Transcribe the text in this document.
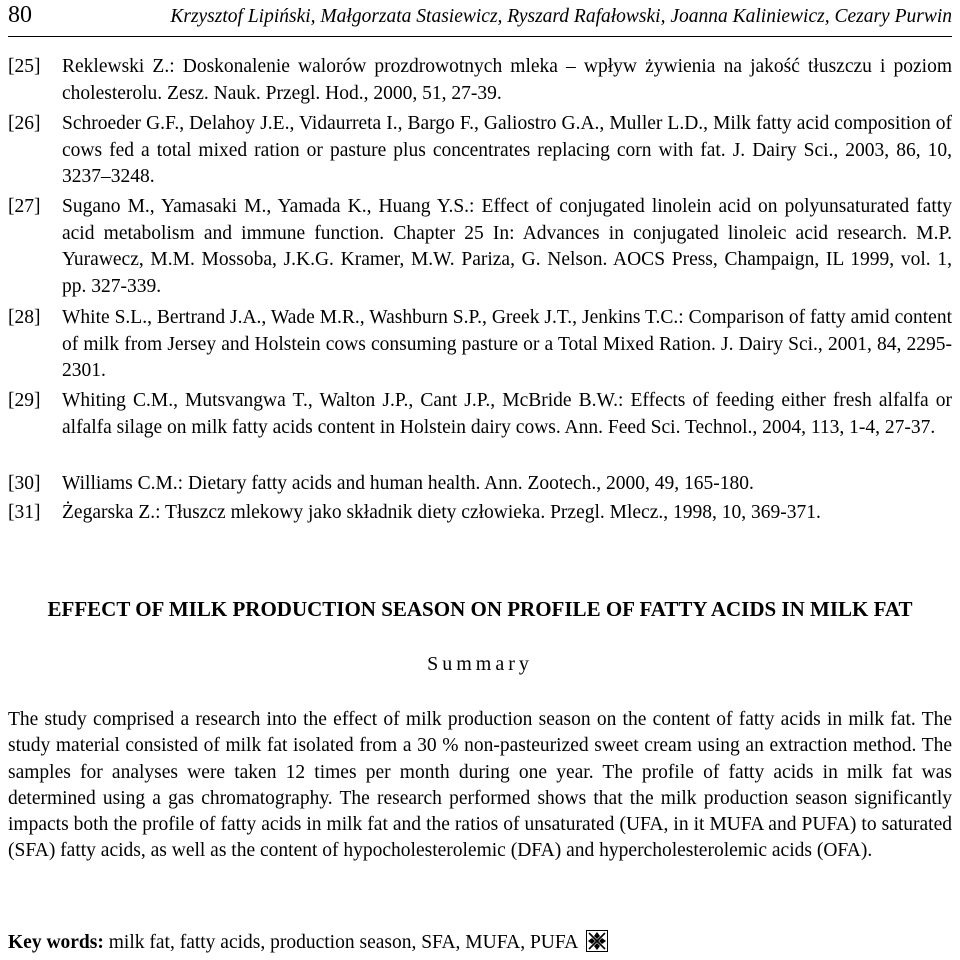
80	Krzysztof Lipiński, Małgorzata Stasiewicz, Ryszard Rafałowski, Joanna Kaliniewicz, Cezary Purwin
[25] Reklewski Z.: Doskonalenie walorów prozdrowotnych mleka – wpływ żywienia na jakość tłuszczu i poziom cholesterolu. Zesz. Nauk. Przegl. Hod., 2000, 51, 27-39.
[26] Schroeder G.F., Delahoy J.E., Vidaurreta I., Bargo F., Galiostro G.A., Muller L.D., Milk fatty acid composition of cows fed a total mixed ration or pasture plus concentrates replacing corn with fat. J. Dairy Sci., 2003, 86, 10, 3237–3248.
[27] Sugano M., Yamasaki M., Yamada K., Huang Y.S.: Effect of conjugated linolein acid on polyunsaturated fatty acid metabolism and immune function. Chapter 25 In: Advances in conjugated linoleic acid research. M.P. Yurawecz, M.M. Mossoba, J.K.G. Kramer, M.W. Pariza, G. Nelson. AOCS Press, Champaign, IL 1999, vol. 1, pp. 327-339.
[28] White S.L., Bertrand J.A., Wade M.R., Washburn S.P., Greek J.T., Jenkins T.C.: Comparison of fatty amid content of milk from Jersey and Holstein cows consuming pasture or a Total Mixed Ration. J. Dairy Sci., 2001, 84, 2295-2301.
[29] Whiting C.M., Mutsvangwa T., Walton J.P., Cant J.P., McBride B.W.: Effects of feeding either fresh alfalfa or alfalfa silage on milk fatty acids content in Holstein dairy cows. Ann. Feed Sci. Technol., 2004, 113, 1-4, 27-37.
[30] Williams C.M.: Dietary fatty acids and human health. Ann. Zootech., 2000, 49, 165-180.
[31] Żegarska Z.: Tłuszcz mlekowy jako składnik diety człowieka. Przegl. Mlecz., 1998, 10, 369-371.
EFFECT OF MILK PRODUCTION SEASON ON PROFILE OF FATTY ACIDS IN MILK FAT
Summary
The study comprised a research into the effect of milk production season on the content of fatty acids in milk fat. The study material consisted of milk fat isolated from a 30 % non-pasteurized sweet cream using an extraction method. The samples for analyses were taken 12 times per month during one year. The profile of fatty acids in milk fat was determined using a gas chromatography. The research performed shows that the milk production season significantly impacts both the profile of fatty acids in milk fat and the ratios of unsaturated (UFA, in it MUFA and PUFA) to saturated (SFA) fatty acids, as well as the content of hypocholesterolemic (DFA) and hypercholesterolemic acids (OFA).
Key words: milk fat, fatty acids, production season, SFA, MUFA, PUFA
